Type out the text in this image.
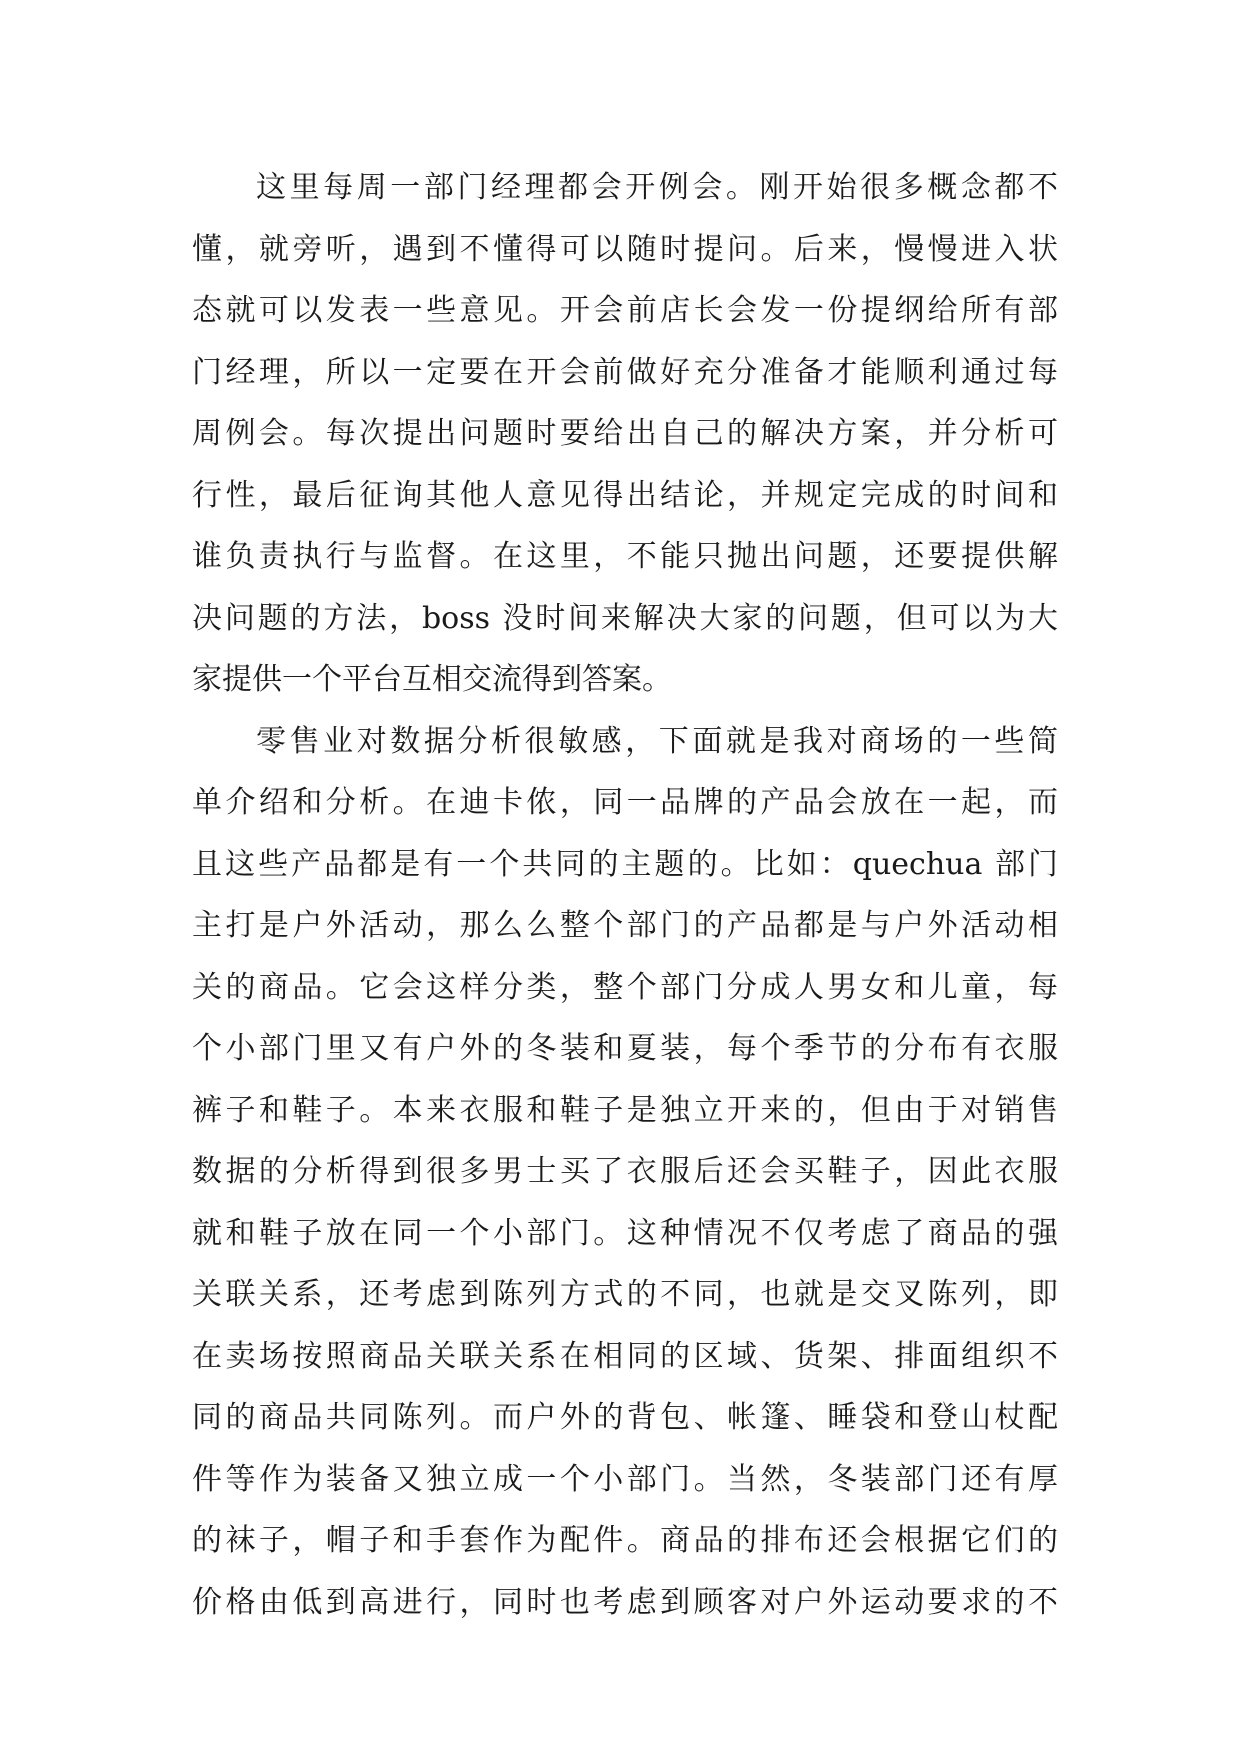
这里每周一部门经理都会开例会。刚开始很多概念都不
懂，就旁听，遇到不懂得可以随时提问。后来，慢慢进入状
态就可以发表一些意见。开会前店长会发一份提纲给所有部
门经理，所以一定要在开会前做好充分准备才能顺利通过每
周例会。每次提出问题时要给出自己的解决方案，并分析可
行性，最后征询其他人意见得出结论，并规定完成的时间和
谁负责执行与监督。在这里，不能只抛出问题，还要提供解
决问题的方法，boss 没时间来解决大家的问题，但可以为大
家提供一个平台互相交流得到答案。
零售业对数据分析很敏感，下面就是我对商场的一些简
单介绍和分析。在迪卡侬，同一品牌的产品会放在一起，而
且这些产品都是有一个共同的主题的。比如：quechua 部门
主打是户外活动，那么么整个部门的产品都是与户外活动相
关的商品。它会这样分类，整个部门分成人男女和儿童，每
个小部门里又有户外的冬装和夏装，每个季节的分布有衣服
裤子和鞋子。本来衣服和鞋子是独立开来的，但由于对销售
数据的分析得到很多男士买了衣服后还会买鞋子，因此衣服
就和鞋子放在同一个小部门。这种情况不仅考虑了商品的强
关联关系，还考虑到陈列方式的不同，也就是交叉陈列，即
在卖场按照商品关联关系在相同的区域、货架、排面组织不
同的商品共同陈列。而户外的背包、帐篷、睡袋和登山杖配
件等作为装备又独立成一个小部门。当然，冬装部门还有厚
的袜子，帽子和手套作为配件。商品的排布还会根据它们的
价格由低到高进行，同时也考虑到顾客对户外运动要求的不
